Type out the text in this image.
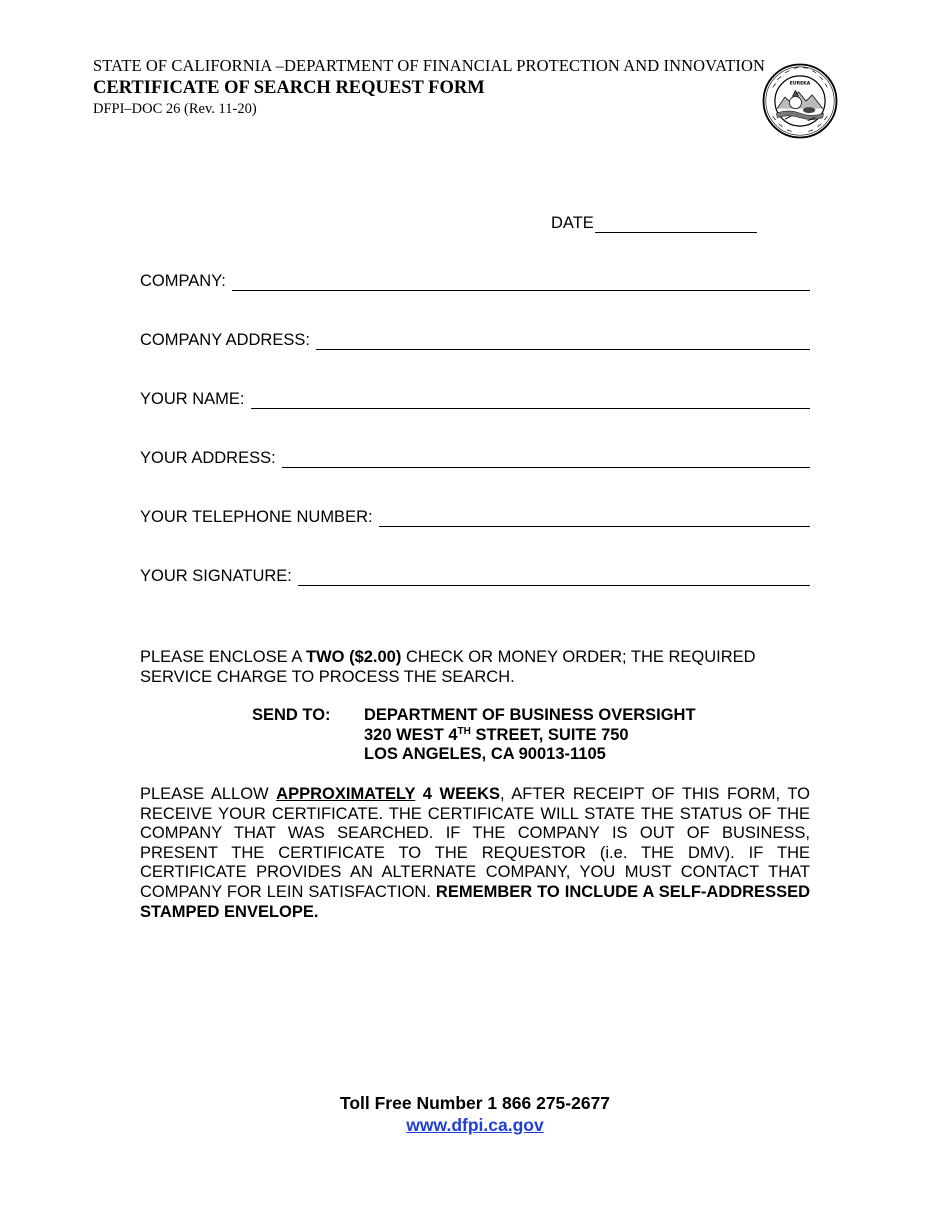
STATE OF CALIFORNIA –DEPARTMENT OF FINANCIAL PROTECTION AND INNOVATION
CERTIFICATE OF SEARCH REQUEST FORM
DFPI–DOC 26 (Rev. 11-20)
EUREKA
DATE
COMPANY:
COMPANY ADDRESS:
YOUR NAME:
YOUR ADDRESS:
YOUR TELEPHONE NUMBER:
YOUR SIGNATURE:
PLEASE ENCLOSE A TWO ($2.00) CHECK OR MONEY ORDER; THE REQUIRED SERVICE CHARGE TO PROCESS THE SEARCH.
SEND TO: DEPARTMENT OF BUSINESS OVERSIGHT
320 WEST 4TH STREET, SUITE 750
LOS ANGELES, CA 90013-1105
PLEASE ALLOW APPROXIMATELY 4 WEEKS, AFTER RECEIPT OF THIS FORM, TO RECEIVE YOUR CERTIFICATE. THE CERTIFICATE WILL STATE THE STATUS OF THE COMPANY THAT WAS SEARCHED. IF THE COMPANY IS OUT OF BUSINESS, PRESENT THE CERTIFICATE TO THE REQUESTOR (i.e. THE DMV). IF THE CERTIFICATE PROVIDES AN ALTERNATE COMPANY, YOU MUST CONTACT THAT COMPANY FOR LEIN SATISFACTION. REMEMBER TO INCLUDE A SELF-ADDRESSED STAMPED ENVELOPE.
Toll Free Number 1 866 275-2677
www.dfpi.ca.gov
